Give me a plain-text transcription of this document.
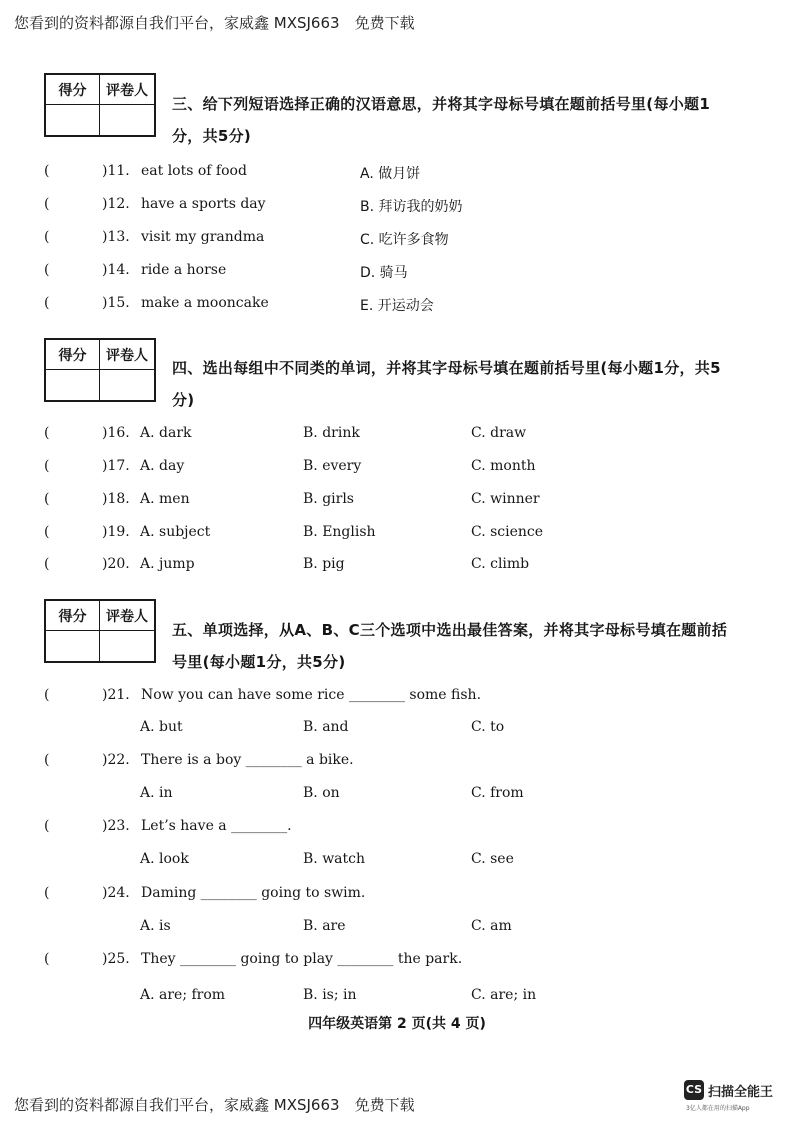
您看到的资料都源自我们平台，家威鑫 MXSJ663　免费下载
得分	评卷人
三、给下列短语选择正确的汉语意思，并将其字母标号填在题前括号里(每小题1分，共5分)
(	)11. eat lots of food	A. 做月饼
(	)12. have a sports day	B. 拜访我的奶奶
(	)13. visit my grandma	C. 吃许多食物
(	)14. ride a horse	D. 骑马
(	)15. make a mooncake	E. 开运动会
得分	评卷人
四、选出每组中不同类的单词，并将其字母标号填在题前括号里(每小题1分，共5分)
(	)16. A. dark	B. drink	C. draw
(	)17. A. day	B. every	C. month
(	)18. A. men	B. girls	C. winner
(	)19. A. subject	B. English	C. science
(	)20. A. jump	B. pig	C. climb
得分	评卷人
五、单项选择，从A、B、C三个选项中选出最佳答案，并将其字母标号填在题前括号里(每小题1分，共5分)
(	)21. Now you can have some rice ________ some fish.
A. but	B. and	C. to
(	)22. There is a boy ________ a bike.
A. in	B. on	C. from
(	)23. Let’s have a ________.
A. look	B. watch	C. see
(	)24. Daming ________ going to swim.
A. is	B. are	C. am
(	)25. They ________ going to play ________ the park.
A. are; from	B. is; in	C. are; in
四年级英语第 2 页(共 4 页)
您看到的资料都源自我们平台，家威鑫 MXSJ663　免费下载
CS 扫描全能王
3亿人都在用的扫描App
